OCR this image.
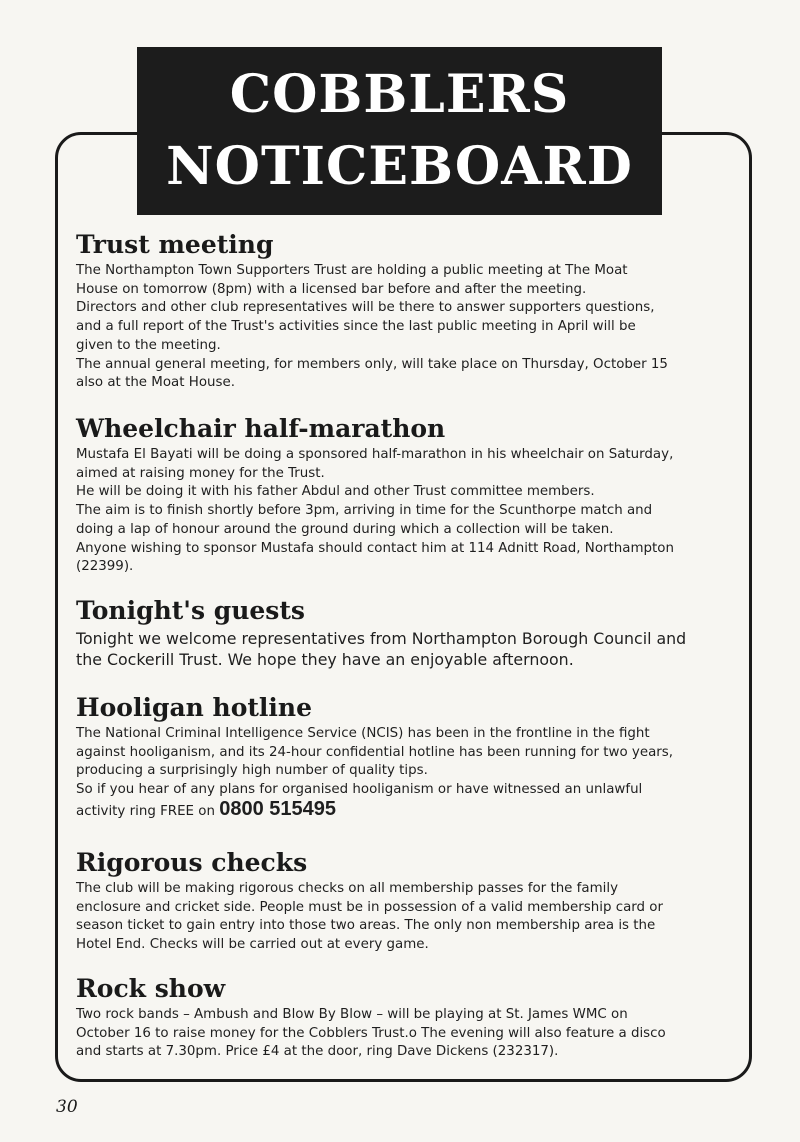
COBBLERS
NOTICEBOARD
Trust meeting

The Northampton Town Supporters Trust are holding a public meeting at The Moat
House on tomorrow (8pm) with a licensed bar before and after the meeting.
Directors and other club representatives will be there to answer supporters questions,
and a full report of the Trust's activities since the last public meeting in April will be
given to the meeting.
The annual general meeting, for members only, will take place on Thursday, October 15
also at the Moat House.

Wheelchair half-marathon

Mustafa El Bayati will be doing a sponsored half-marathon in his wheelchair on Saturday,
aimed at raising money for the Trust.
He will be doing it with his father Abdul and other Trust committee members.
The aim is to finish shortly before 3pm, arriving in time for the Scunthorpe match and
doing a lap of honour around the ground during which a collection will be taken.
Anyone wishing to sponsor Mustafa should contact him at 114 Adnitt Road, Northampton
(22399).

Tonight's guests

Tonight we welcome representatives from Northampton Borough Council and
the Cockerill Trust. We hope they have an enjoyable afternoon.

Hooligan hotline

The National Criminal Intelligence Service (NCIS) has been in the frontline in the fight
against hooliganism, and its 24-hour confidential hotline has been running for two years,
producing a surprisingly high number of quality tips.
So if you hear of any plans for organised hooliganism or have witnessed an unlawful
activity ring FREE on 0800 515495

Rigorous checks

The club will be making rigorous checks on all membership passes for the family
enclosure and cricket side. People must be in possession of a valid membership card or
season ticket to gain entry into those two areas. The only non membership area is the
Hotel End. Checks will be carried out at every game.

Rock show

Two rock bands – Ambush and Blow By Blow – will be playing at St. James WMC on
October 16 to raise money for the Cobblers Trust.o The evening will also feature a disco
and starts at 7.30pm. Price £4 at the door, ring Dave Dickens (232317).

30
